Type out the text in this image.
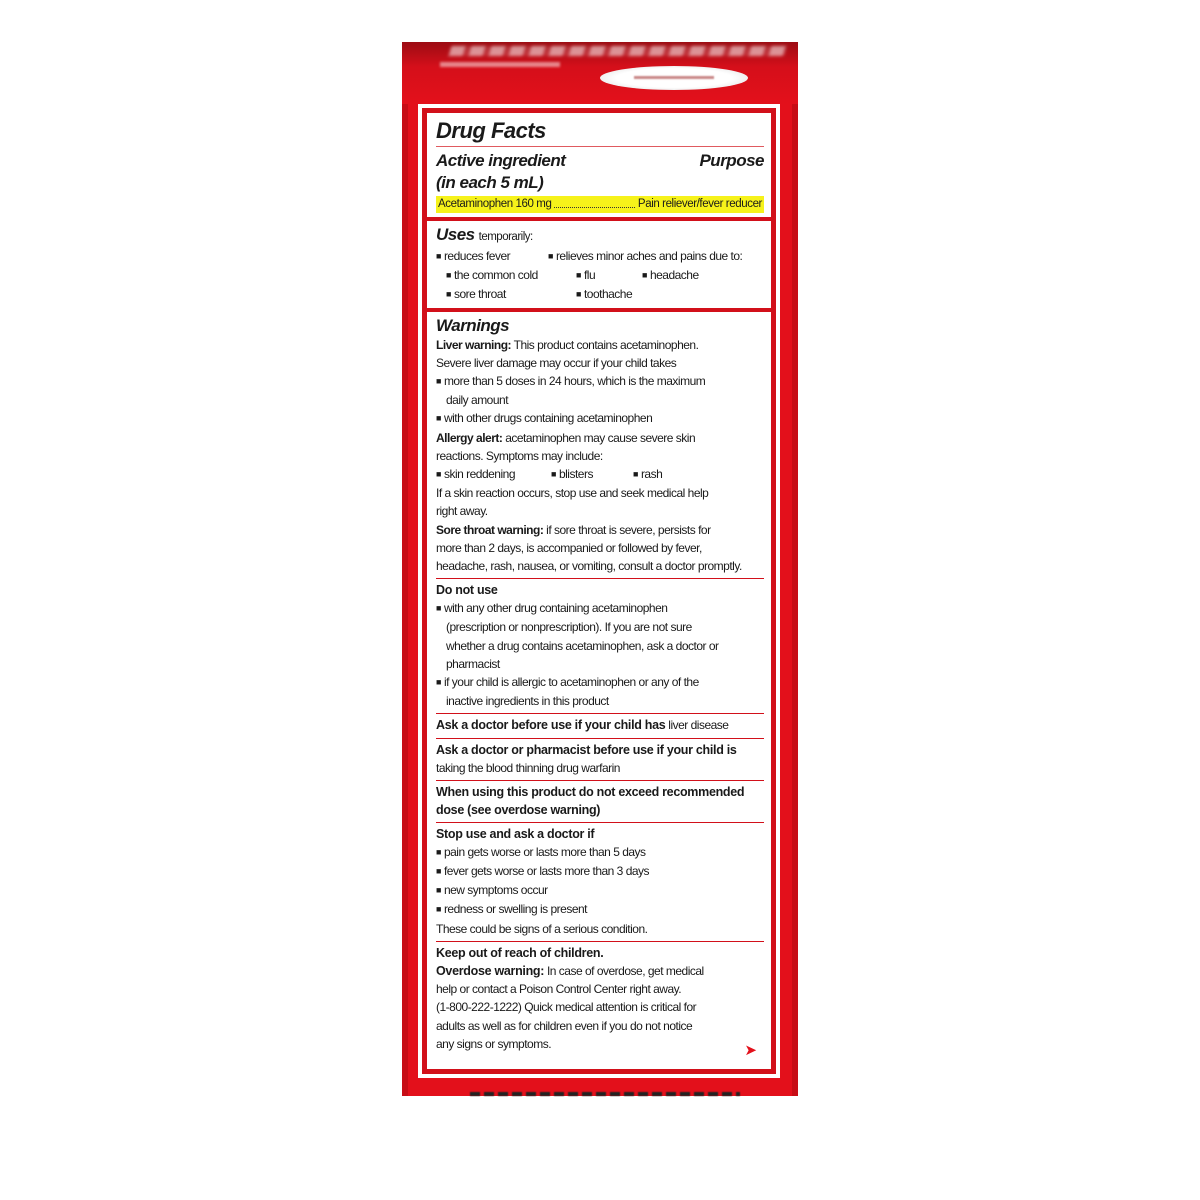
Drug Facts
Active ingredient
(in each 5 mL)
Purpose
Acetaminophen 160 mg	Pain reliever/fever reducer
Uses temporarily:
■ reduces fever	■ relieves minor aches and pains due to:
■ the common cold	■ flu	■ headache
■ sore throat	■ toothache
Warnings
Liver warning: This product contains acetaminophen.
Severe liver damage may occur if your child takes
■ more than 5 doses in 24 hours, which is the maximum
daily amount
■ with other drugs containing acetaminophen
Allergy alert: acetaminophen may cause severe skin
reactions. Symptoms may include:
■ skin reddening	■ blisters	■ rash
If a skin reaction occurs, stop use and seek medical help
right away.
Sore throat warning: if sore throat is severe, persists for
more than 2 days, is accompanied or followed by fever,
headache, rash, nausea, or vomiting, consult a doctor promptly.
Do not use
■ with any other drug containing acetaminophen
(prescription or nonprescription). If you are not sure
whether a drug contains acetaminophen, ask a doctor or
pharmacist
■ if your child is allergic to acetaminophen or any of the
inactive ingredients in this product
Ask a doctor before use if your child has liver disease
Ask a doctor or pharmacist before use if your child is
taking the blood thinning drug warfarin
When using this product do not exceed recommended
dose (see overdose warning)
Stop use and ask a doctor if
■ pain gets worse or lasts more than 5 days
■ fever gets worse or lasts more than 3 days
■ new symptoms occur
■ redness or swelling is present
These could be signs of a serious condition.
Keep out of reach of children.
Overdose warning: In case of overdose, get medical
help or contact a Poison Control Center right away.
(1-800-222-1222) Quick medical attention is critical for
adults as well as for children even if you do not notice
any signs or symptoms.	➤
